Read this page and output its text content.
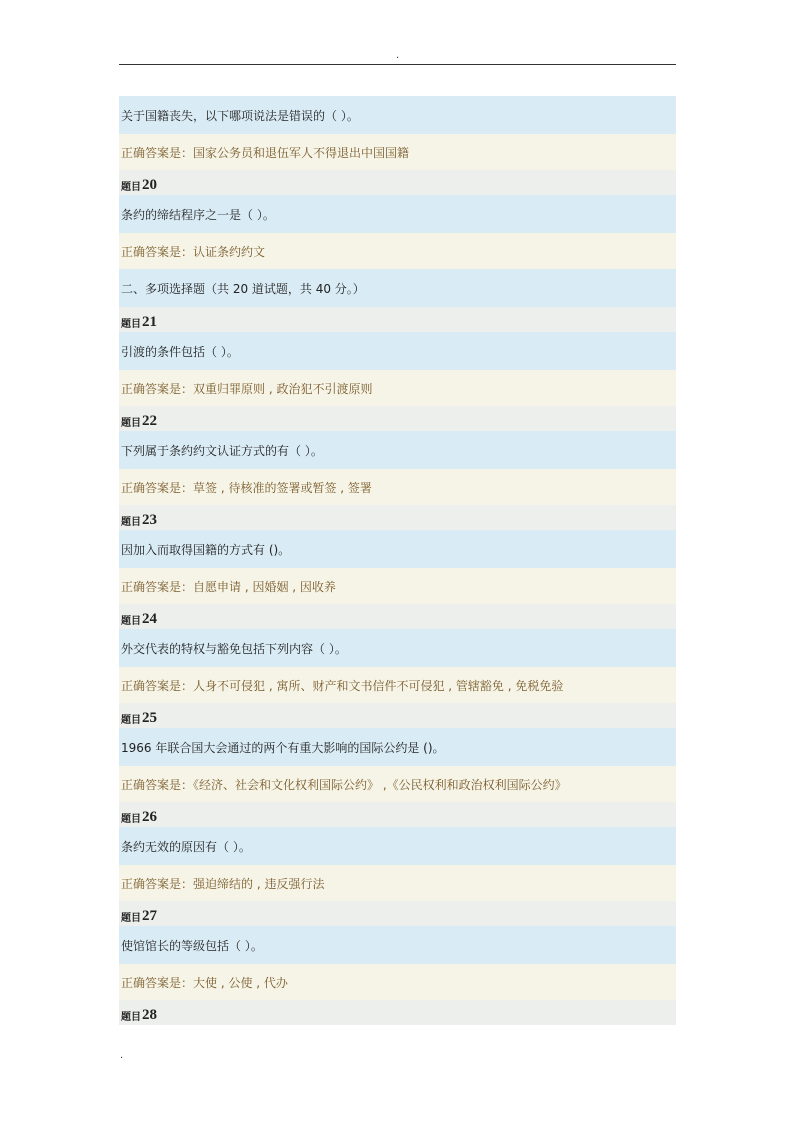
.
关于国籍丧失，以下哪项说法是错误的（ ）。
正确答案是：国家公务员和退伍军人不得退出中国国籍
题目 20
条约的缔结程序之一是（ ）。
正确答案是：认证条约约文
二、多项选择题（共 20 道试题，共 40 分。）
题目 21
引渡的条件包括（ ）。
正确答案是：双重归罪原则 , 政治犯不引渡原则
题目 22
下列属于条约约文认证方式的有（ ）。
正确答案是：草签 , 待核准的签署或暂签 , 签署
题目 23
因加入而取得国籍的方式有 ()。
正确答案是：自愿申请 , 因婚姻 , 因收养
题目 24
外交代表的特权与豁免包括下列内容（ ）。
正确答案是：人身不可侵犯 , 寓所、财产和文书信件不可侵犯 , 管辖豁免 , 免税免验
题目 25
1966 年联合国大会通过的两个有重大影响的国际公约是 ()。
正确答案是：《经济、社会和文化权利国际公约》 ,《公民权利和政治权利国际公约》
题目 26
条约无效的原因有（ ）。
正确答案是：强迫缔结的 , 违反强行法
题目 27
使馆馆长的等级包括（ ）。
正确答案是：大使 , 公使 , 代办
题目 28
.
